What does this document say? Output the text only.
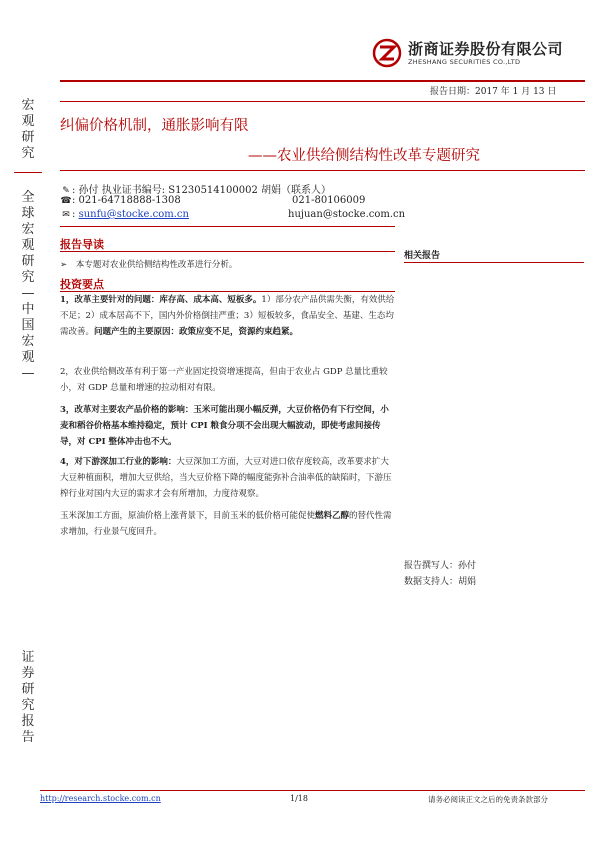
浙商证券股份有限公司
ZHESHANG SECURITIES CO.,LTD
报告日期：2017 年 1 月 13 日
宏观研究
全球宏观研究—中国宏观—
证券研究报告
纠偏价格机制，通胀影响有限
——农业供给侧结构性改革专题研究
✎ : 孙付 执业证书编号: S1230514100002 胡娟（联系人）
☎: 021-64718888-1308	021-80106009
✉ : sunfu@stocke.com.cn	hujuan@stocke.com.cn
相关报告
报告撰写人：孙付
数据支持人：胡娟
报告导读
➢ 本专题对农业供给侧结构性改革进行分析。
投资要点
1，改革主要针对的问题：库存高、成本高、短板多。1）部分农产品供需失衡，有效供给不足；2）成本居高不下，国内外价格倒挂严重；3）短板较多，食品安全、基建、生态均需改善。问题产生的主要原因：政策应变不足，资源约束趋紧。
2，农业供给侧改革有利于第一产业固定投资增速提高，但由于农业占 GDP 总量比重较小，对 GDP 总量和增速的拉动相对有限。
3，改革对主要农产品价格的影响：玉米可能出现小幅反弹，大豆价格仍有下行空间，小麦和稻谷价格基本维持稳定，预计 CPI 粮食分项不会出现大幅波动，即使考虑间接传导，对 CPI 整体冲击也不大。
4，对下游深加工行业的影响：大豆深加工方面，大豆对进口依存度较高，改革要求扩大大豆种植面积，增加大豆供给，当大豆价格下降的幅度能弥补合油率低的缺陷时，下游压榨行业对国内大豆的需求才会有所增加，力度待观察。
玉米深加工方面，原油价格上涨背景下，目前玉米的低价格可能促使燃料乙醇的替代性需求增加，行业景气度回升。
http://research.stocke.com.cn	1/18	请务必阅读正文之后的免责条款部分
